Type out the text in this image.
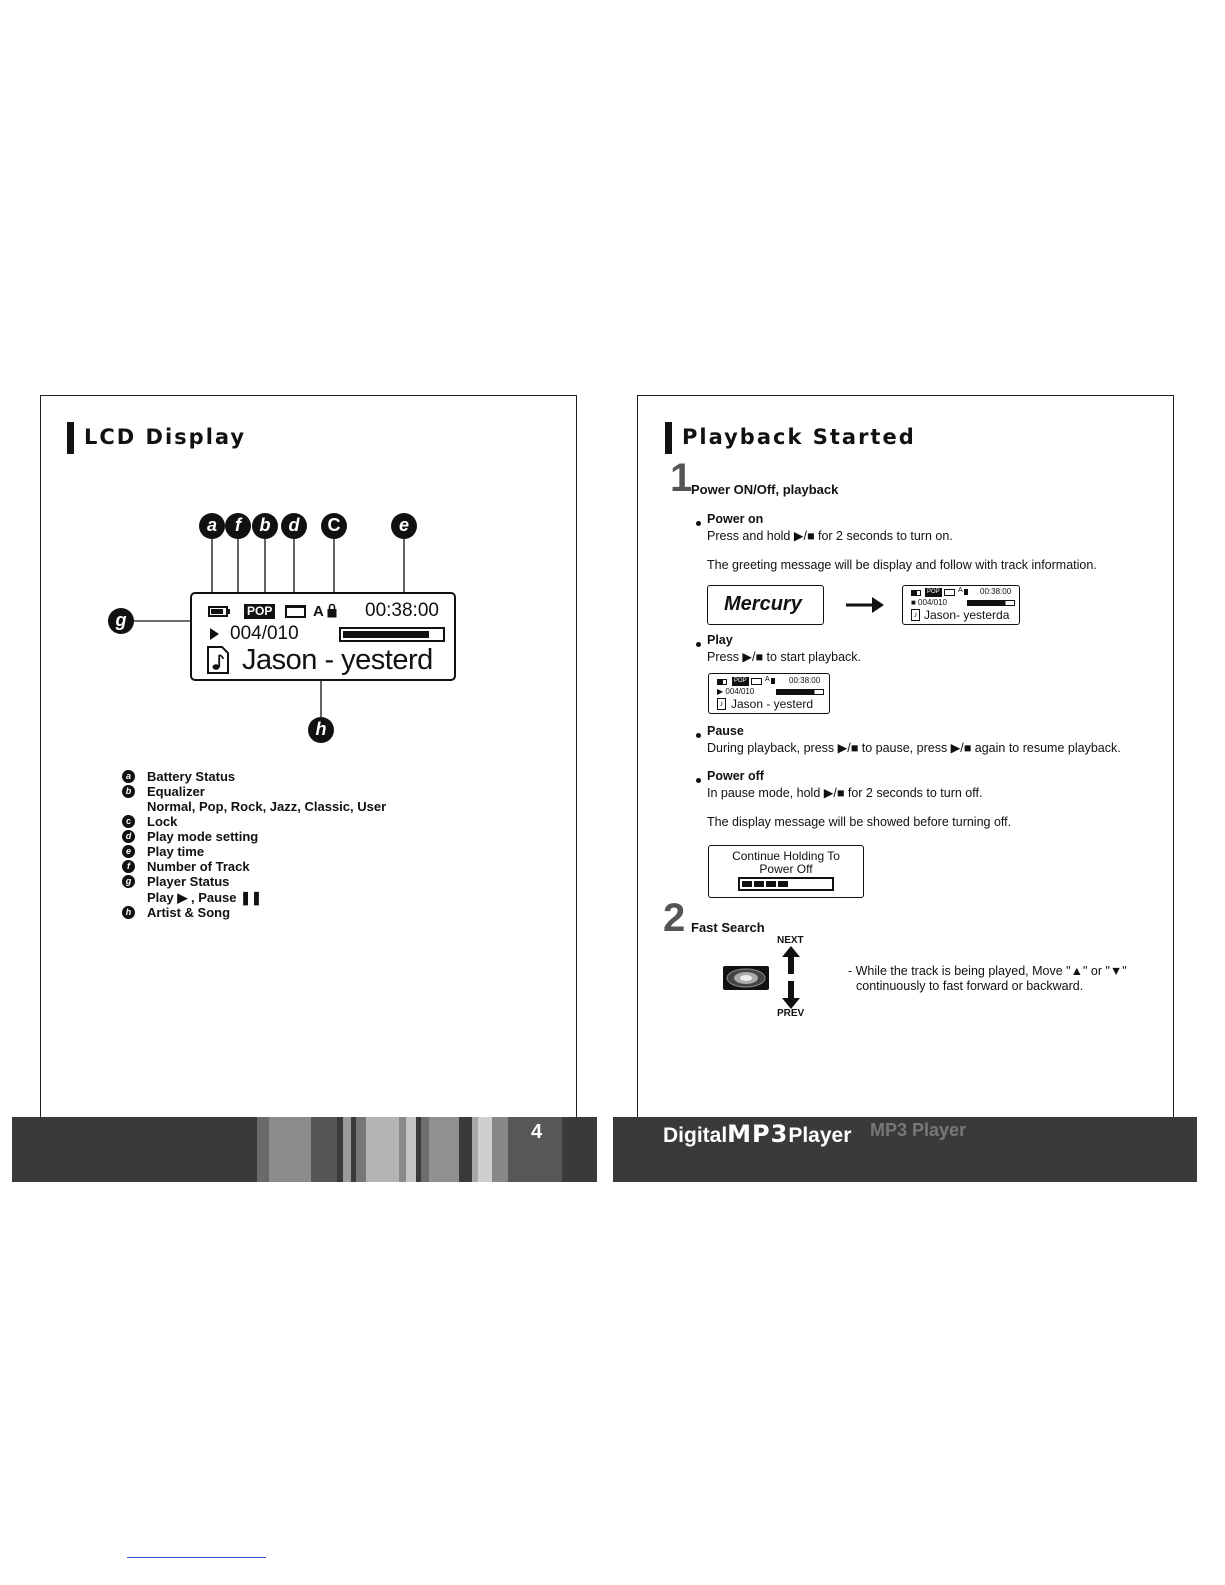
LCD Display
a	f	b	d	C	e
g
h
POP	A 00:38:00
004/010
Jason - yesterd
a	Battery Status
b Equalizer
Normal, Pop, Rock, Jazz, Classic, User
c	Lock
d Play mode setting
e	Play time
f	Number of Track
g Player Status
Play ▶ , Pause ❚❚
h Artist & Song
4
Playback Started
1
Power ON/Off, playback
Power on
Press and hold ▶/■ for 2 seconds to turn on.
The greeting message will be display and follow with track information.
Mercury
POP	A 00:38:00
■ 004/010
♪ Jason- yesterda
Play
Press ▶/■ to start playback.
POP	A 00:38:00
▶ 004/010
♪ Jason - yesterd
Pause
During playback, press ▶/■ to pause, press ▶/■ again to resume playback.
Power off
In pause mode, hold ▶/■ for 2 seconds to turn off.
The display message will be showed before turning off.
Continue Holding To
Power Off
2 Fast Search
NEXT
PREV
- While the track is being played, Move "▲" or "▼"
continuously to fast forward or backward.
MP3 Player
DigitalMP3Player
